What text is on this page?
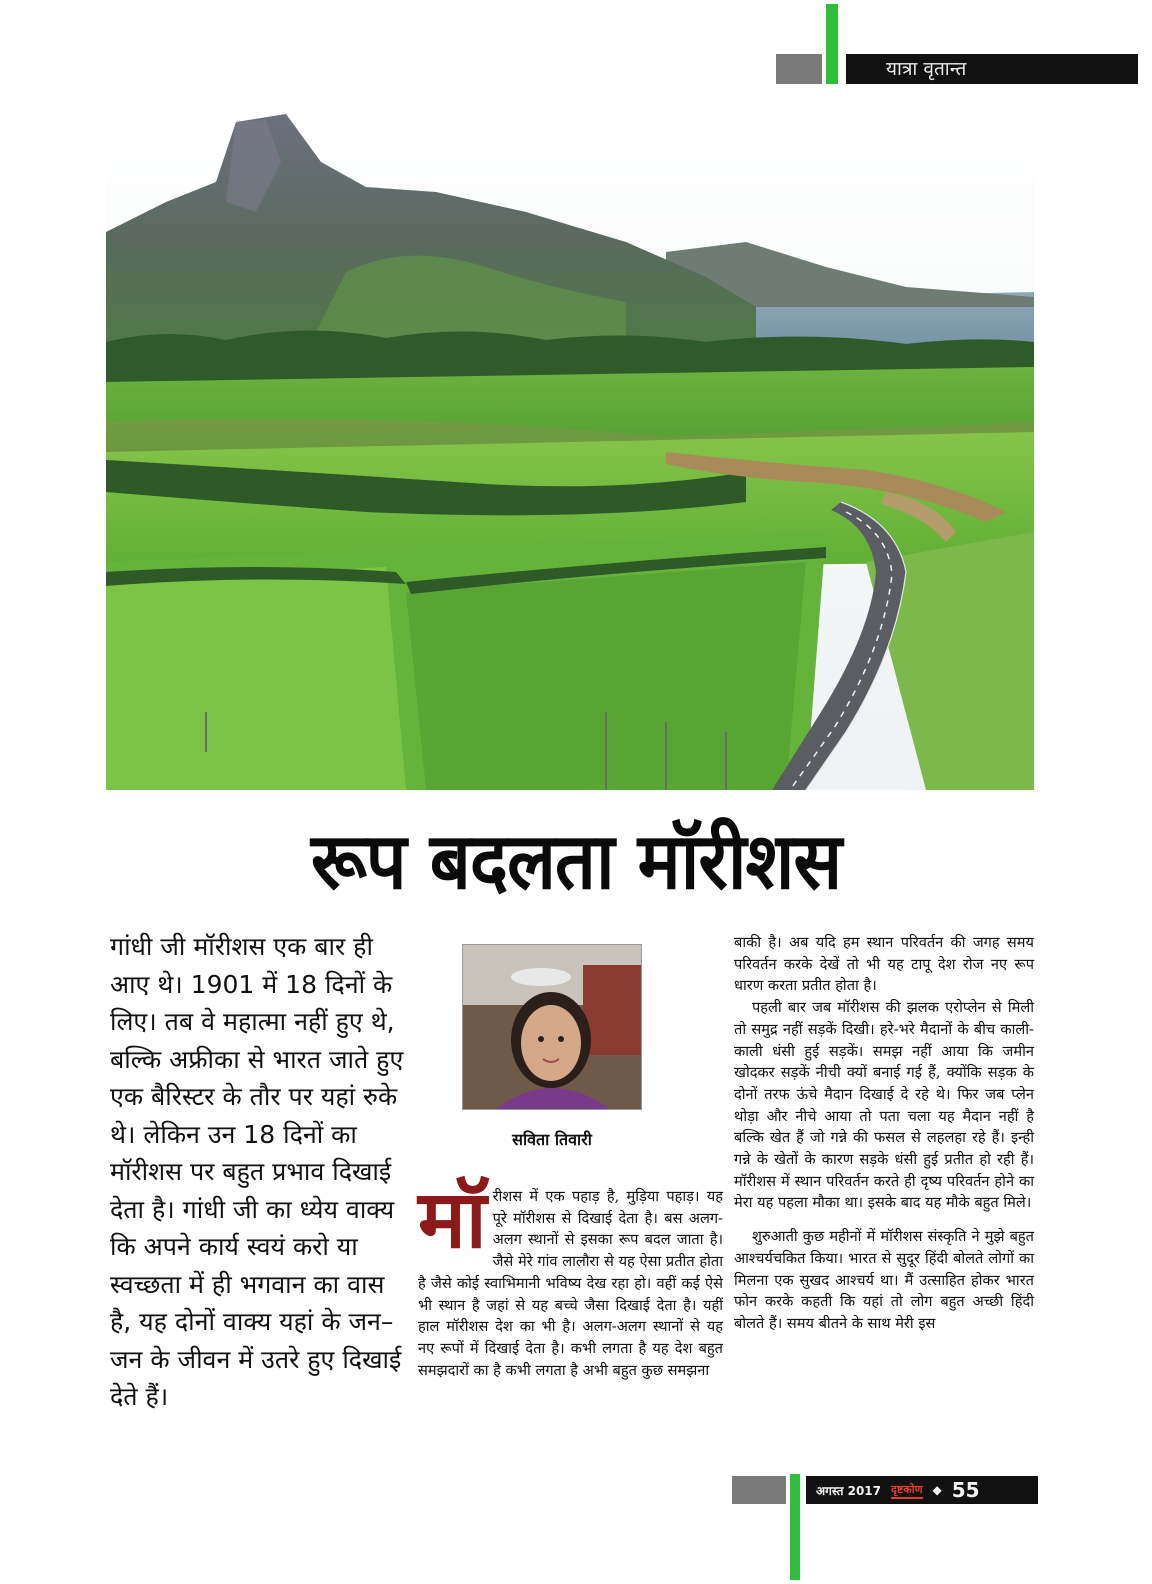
यात्रा वृतान्त
रूप बदलता मॉरीशस
गांधी जी मॉरीशस एक बार ही आए थे। 1901 में 18 दिनों के लिए। तब वे महात्मा नहीं हुए थे, बल्कि अफ्रीका से भारत जाते हुए एक बैरिस्टर के तौर पर यहां रुके थे। लेकिन उन 18 दिनों का मॉरीशस पर बहुत प्रभाव दिखाई देता है। गांधी जी का ध्येय वाक्य कि अपने कार्य स्वयं करो या स्वच्छता में ही भगवान का वास है, यह दोनों वाक्य यहां के जन–जन के जीवन में उतरे हुए दिखाई देते हैं।
सविता तिवारी
मॉ रीशस में एक पहाड़ है, मुड़िया पहाड़। यह पूरे मॉरीशस से दिखाई देता है। बस अलग-अलग स्थानों से इसका रूप बदल जाता है। जैसे मेरे गांव लालौरा से यह ऐसा प्रतीत होता है जैसे कोई स्वाभिमानी भविष्य देख रहा हो। वहीं कई ऐसे भी स्थान है जहां से यह बच्चे जैसा दिखाई देता है। यहीं हाल मॉरीशस देश का भी है। अलग-अलग स्थानों से यह नए रूपों में दिखाई देता है। कभी लगता है यह देश बहुत समझदारों का है कभी लगता है अभी बहुत कुछ समझना

बाकी है। अब यदि हम स्थान परिवर्तन की जगह समय परिवर्तन करके देखें तो भी यह टापू देश रोज नए रूप धारण करता प्रतीत होता है।

पहली बार जब मॉरीशस की झलक एरोप्लेन से मिली तो समुद्र नहीं सड़कें दिखी। हरे-भरे मैदानों के बीच काली-काली धंसी हुई सड़कें। समझ नहीं आया कि जमीन खोदकर सड़कें नीची क्यों बनाई गई हैं, क्योंकि सड़क के दोनों तरफ ऊंचे मैदान दिखाई दे रहे थे। फिर जब प्लेन थोड़ा और नीचे आया तो पता चला यह मैदान नहीं है बल्कि खेत हैं जो गन्ने की फसल से लहलहा रहे हैं। इन्ही गन्ने के खेतों के कारण सड़के धंसी हुई प्रतीत हो रही हैं। मॉरीशस में स्थान परिवर्तन करते ही दृष्य परिवर्तन होने का मेरा यह पहला मौका था। इसके बाद यह मौके बहुत मिले।

शुरुआती कुछ महीनों में मॉरीशस संस्कृति ने मुझे बहुत आश्चर्यचकित किया। भारत से सुदूर हिंदी बोलते लोगों का मिलना एक सुखद आश्चर्य था। मैं उत्साहित होकर भारत फोन करके कहती कि यहां तो लोग बहुत अच्छी हिंदी बोलते हैं। समय बीतने के साथ मेरी इस

अगस्त 2017 दृष्टकोण ◆ 55
